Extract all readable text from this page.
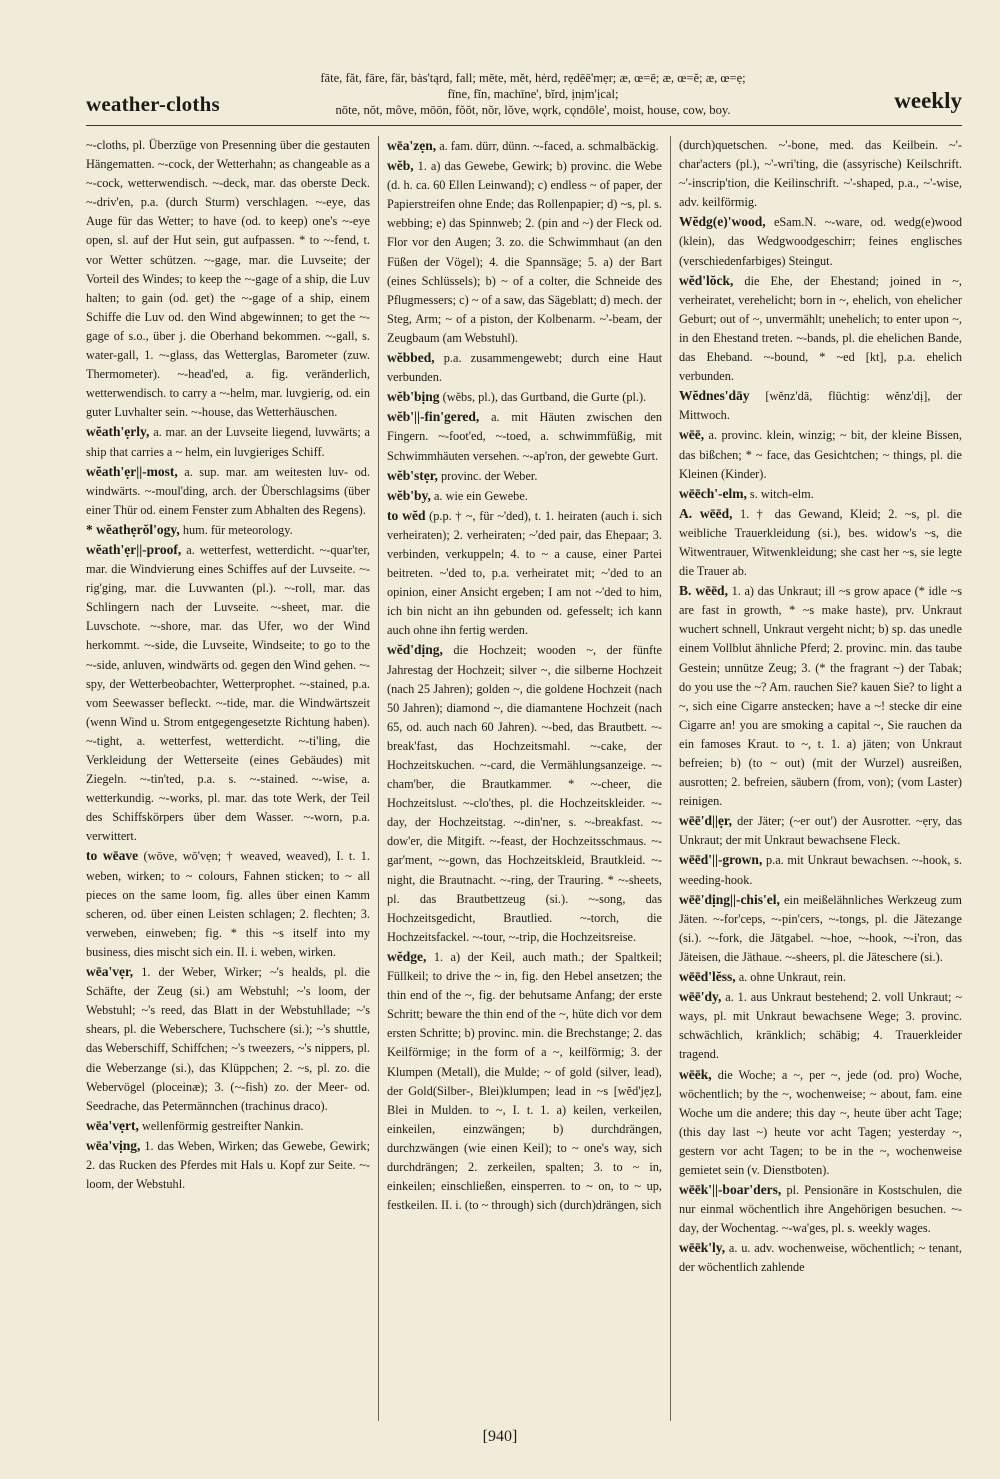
weather-cloths
fāte, făt, fāre, fär, bȧs'tąrd, fall; mēte, mĕt, hėrd, rẹdēē'mẹr; æ, œ=ē; æ, œ=ĕ; æ, œ=ẹ;
fīne, fĭn, machīne', bĭrd, ịnịm'ịcal;
nōte, nŏt, môve, mōōn, fŏŏt, nŏr, lŏve, wǫrk, cǫndōle', moist, house, cow, boy.	weekly

~-cloths, pl. Überzüge von Presenning über die gestauten Hängematten. ~-cock, der Wetterhahn; as changeable as a ~-cock, wetterwendisch. ~-deck, mar. das oberste Deck. ~-driv'en, p.a. (durch Sturm) verschlagen. ~-eye, das Auge für das Wetter; to have (od. to keep) one's ~-eye open, sl. auf der Hut sein, gut aufpassen. * to ~-fend, t. vor Wetter schützen. ~-gage, mar. die Luvseite; der Vorteil des Windes; to keep the ~-gage of a ship, die Luv halten; to gain (od. get) the ~-gage of a ship, einem Schiffe die Luv od. den Wind abgewinnen; to get the ~-gage of s.o., über j. die Oberhand bekommen. ~-gall, s. water-gall, 1. ~-glass, das Wetterglas, Barometer (zuw. Thermometer). ~-head'ed, a. fig. veränderlich, wetterwendisch. to carry a ~-helm, mar. luvgierig, od. ein guter Luvhalter sein. ~-house, das Wetterhäuschen.

wĕath'ẹrly, a. mar. an der Luvseite liegend, luvwärts; a ship that carries a ~ helm, ein luvgieriges Schiff.

wĕath'ẹr||-most, a. sup. mar. am weitesten luv- od. windwärts. ~-moul'ding, arch. der Überschlagsims (über einer Thür od. einem Fenster zum Abhalten des Regens).

* wĕathẹrŏl'ogy, hum. für meteorology.

wĕath'ẹr||-proof, a. wetterfest, wetterdicht. ~-quar'ter, mar. die Windvierung eines Schiffes auf der Luvseite. ~-rig'ging, mar. die Luvwanten (pl.). ~-roll, mar. das Schlingern nach der Luvseite. ~-sheet, mar. die Luvschote. ~-shore, mar. das Ufer, wo der Wind herkommt. ~-side, die Luvseite, Windseite; to go to the ~-side, anluven, windwärts od. gegen den Wind gehen. ~-spy, der Wetterbeobachter, Wetterprophet. ~-stained, p.a. vom Seewasser befleckt. ~-tide, mar. die Windwärtszeit (wenn Wind u. Strom entgegengesetzte Richtung haben). ~-tight, a. wetterfest, wetterdicht. ~-ti'ling, die Verkleidung der Wetterseite (eines Gebäudes) mit Ziegeln. ~-tin'ted, p.a. s. ~-stained. ~-wise, a. wetterkundig. ~-works, pl. mar. das tote Werk, der Teil des Schiffskörpers über dem Wasser. ~-worn, p.a. verwittert.

to wēave (wōve, wō'vẹn; † weaved, weaved), I. t. 1. weben, wirken; to ~ colours, Fahnen sticken; to ~ all pieces on the same loom, fig. alles über einen Kamm scheren, od. über einen Leisten schlagen; 2. flechten; 3. verweben, einweben; fig. * this ~s itself into my business, dies mischt sich ein. II. i. weben, wirken.

wēa'vẹr, 1. der Weber, Wirker; ~'s healds, pl. die Schäfte, der Zeug (si.) am Webstuhl; ~'s loom, der Webstuhl; ~'s reed, das Blatt in der Webstuhllade; ~'s shears, pl. die Weberschere, Tuchschere (si.); ~'s shuttle, das Weberschiff, Schiffchen; ~'s tweezers, ~'s nippers, pl. die Weberzange (si.), das Klüppchen; 2. ~s, pl. zo. die Webervögel (ploceinæ); 3. (~-fish) zo. der Meer- od. Seedrache, das Petermännchen (trachinus draco).

wēa'vẹrt, wellenförmig gestreifter Nankin.

wēa'vịng, 1. das Weben, Wirken; das Gewebe, Gewirk; 2. das Rucken des Pferdes mit Hals u. Kopf zur Seite. ~-loom, der Webstuhl.

wēa'zẹn, a. fam. dürr, dünn. ~-faced, a. schmalbäckig.

wĕb, 1. a) das Gewebe, Gewirk; b) provinc. die Webe (d. h. ca. 60 Ellen Leinwand); c) endless ~ of paper, der Papierstreifen ohne Ende; das Rollenpapier; d) ~s, pl. s. webbing; e) das Spinnweb; 2. (pin and ~) der Fleck od. Flor vor den Augen; 3. zo. die Schwimmhaut (an den Füßen der Vögel); 4. die Spannsäge; 5. a) der Bart (eines Schlüssels); b) ~ of a colter, die Schneide des Pflugmessers; c) ~ of a saw, das Sägeblatt; d) mech. der Steg, Arm; ~ of a piston, der Kolbenarm. ~'-beam, der Zeugbaum (am Webstuhl).

wĕbbed, p.a. zusammengewebt; durch eine Haut verbunden.

wĕb'bịng (wĕbs, pl.), das Gurtband, die Gurte (pl.).

wĕb'||-fin'gered, a. mit Häuten zwischen den Fingern. ~-foot'ed, ~-toed, a. schwimmfüßig, mit Schwimmhäuten versehen. ~-ap'ron, der gewebte Gurt.

wĕb'stẹr, provinc. der Weber.

wĕb'by, a. wie ein Gewebe.

to wĕd (p.p. † ~, für ~'ded), t. 1. heiraten (auch i. sich verheiraten); 2. verheiraten; ~'ded pair, das Ehepaar; 3. verbinden, verkuppeln; 4. to ~ a cause, einer Partei beitreten. ~'ded to, p.a. verheiratet mit; ~'ded to an opinion, einer Ansicht ergeben; I am not ~'ded to him, ich bin nicht an ihn gebunden od. gefesselt; ich kann auch ohne ihn fertig werden.

wĕd'dịng, die Hochzeit; wooden ~, der fünfte Jahrestag der Hochzeit; silver ~, die silberne Hochzeit (nach 25 Jahren); golden ~, die goldene Hochzeit (nach 50 Jahren); diamond ~, die diamantene Hochzeit (nach 65, od. auch nach 60 Jahren). ~-bed, das Brautbett. ~-break'fast, das Hochzeitsmahl. ~-cake, der Hochzeitskuchen. ~-card, die Vermählungsanzeige. ~-cham'ber, die Brautkammer. * ~-cheer, die Hochzeitslust. ~-clo'thes, pl. die Hochzeitskleider. ~-day, der Hochzeitstag. ~-din'ner, s. ~-breakfast. ~-dow'er, die Mitgift. ~-feast, der Hochzeitsschmaus. ~-gar'ment, ~-gown, das Hochzeitskleid, Brautkleid. ~-night, die Brautnacht. ~-ring, der Trauring. * ~-sheets, pl. das Brautbettzeug (si.). ~-song, das Hochzeitsgedicht, Brautlied. ~-torch, die Hochzeitsfackel. ~-tour, ~-trip, die Hochzeitsreise.

wĕdge, 1. a) der Keil, auch math.; der Spaltkeil; Füllkeil; to drive the ~ in, fig. den Hebel ansetzen; the thin end of the ~, fig. der behutsame Anfang; der erste Schritt; beware the thin end of the ~, hüte dich vor dem ersten Schritte; b) provinc. min. die Brechstange; 2. das Keilförmige; in the form of a ~, keilförmig; 3. der Klumpen (Metall), die Mulde; ~ of gold (silver, lead), der Gold(Silber-, Blei)klumpen; lead in ~s [wĕd'jẹz], Blei in Mulden. to ~, I. t. 1. a) keilen, verkeilen, einkeilen, einzwängen; b) durchdrängen, durchzwängen (wie einen Keil); to ~ one's way, sich durchdrängen; 2. zerkeilen, spalten; 3. to ~ in, einkeilen; einschließen, einsperren. to ~ on, to ~ up, festkeilen. II. i. (to ~ through) sich (durch)drängen, sich

(durch)quetschen. ~'-bone, med. das Keilbein. ~'-char'acters (pl.), ~'-wri'ting, die (assyrische) Keilschrift. ~'-inscrip'tion, die Keilinschrift. ~'-shaped, p.a., ~'-wise, adv. keilförmig.

Wĕdg(e)'wood, eSam.N. ~-ware, od. wedg(e)wood (klein), das Wedgwoodgeschirr; feines englisches (verschiedenfarbiges) Steingut.

wĕd'lŏck, die Ehe, der Ehestand; joined in ~, verheiratet, verehelicht; born in ~, ehelich, von ehelicher Geburt; out of ~, unvermählt; unehelich; to enter upon ~, in den Ehestand treten. ~-bands, pl. die ehelichen Bande, das Eheband. ~-bound, * ~ed [kt], p.a. ehelich verbunden.

Wĕdnes'dāy [wĕnz'dā, flüchtig: wĕnz'dị], der Mittwoch.

wēē, a. provinc. klein, winzig; ~ bit, der kleine Bissen, das bißchen; * ~ face, das Gesichtchen; ~ things, pl. die Kleinen (Kinder).

wēēch'-elm, s. witch-elm.

A. wēēd, 1. † das Gewand, Kleid; 2. ~s, pl. die weibliche Trauerkleidung (si.), bes. widow's ~s, die Witwentrauer, Witwenkleidung; she cast her ~s, sie legte die Trauer ab.

B. wēēd, 1. a) das Unkraut; ill ~s grow apace (* idle ~s are fast in growth, * ~s make haste), prv. Unkraut wuchert schnell, Unkraut vergeht nicht; b) sp. das unedle einem Vollblut ähnliche Pferd; 2. provinc. min. das taube Gestein; unnütze Zeug; 3. (* the fragrant ~) der Tabak; do you use the ~? Am. rauchen Sie? kauen Sie? to light a ~, sich eine Cigarre anstecken; have a ~! stecke dir eine Cigarre an! you are smoking a capital ~, Sie rauchen da ein famoses Kraut. to ~, t. 1. a) jäten; von Unkraut befreien; b) (to ~ out) (mit der Wurzel) ausreißen, ausrotten; 2. befreien, säubern (from, von); (vom Laster) reinigen.

wēē'd||ẹr, der Jäter; (~er out') der Ausrotter. ~ẹry, das Unkraut; der mit Unkraut bewachsene Fleck.

wēēd'||-grown, p.a. mit Unkraut bewachsen. ~-hook, s. weeding-hook.

wēē'dịng||-chis'el, ein meißelähnliches Werkzeug zum Jäten. ~-for'ceps, ~-pin'cers, ~-tongs, pl. die Jätezange (si.). ~-fork, die Jätgabel. ~-hoe, ~-hook, ~-i'ron, das Jäteisen, die Jäthaue. ~-sheers, pl. die Jäteschere (si.).

wēēd'lĕss, a. ohne Unkraut, rein.

wēē'dy, a. 1. aus Unkraut bestehend; 2. voll Unkraut; ~ ways, pl. mit Unkraut bewachsene Wege; 3. provinc. schwächlich, kränklich; schäbig; 4. Trauerkleider tragend.

wēēk, die Woche; a ~, per ~, jede (od. pro) Woche, wöchentlich; by the ~, wochenweise; ~ about, fam. eine Woche um die andere; this day ~, heute über acht Tage; (this day last ~) heute vor acht Tagen; yesterday ~, gestern vor acht Tagen; to be in the ~, wochenweise gemietet sein (v. Dienstboten).

wēēk'||-boar'ders, pl. Pensionäre in Kostschulen, die nur einmal wöchentlich ihre Angehörigen besuchen. ~-day, der Wochentag. ~-wa'ges, pl. s. weekly wages.

wēēk'ly, a. u. adv. wochenweise, wöchentlich; ~ tenant, der wöchentlich zahlende

[940]
